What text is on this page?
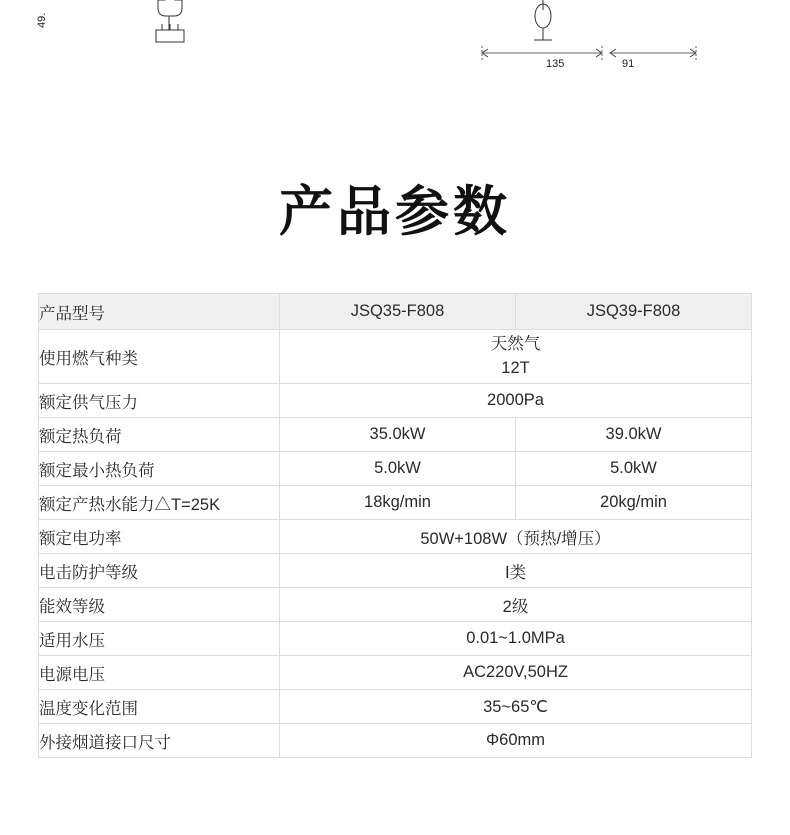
49.
135	91
产品参数
产品型号	JSQ35-F808	JSQ39-F808
使用燃气种类	天然气
12T	

额定供气压力	2000Pa	
额定热负荷	35.0kW	39.0kW
额定最小热负荷	5.0kW	5.0kW
额定产热水能力△T=25K	18kg/min	20kg/min
额定电功率	50W+108W（预热/增压）	
电击防护等级	Ⅰ类	
能效等级	2级	
适用水压	0.01~1.0MPa	
电源电压	AC220V,50HZ	
温度变化范围	35~65℃	
外接烟道接口尺寸	Φ60mm	
